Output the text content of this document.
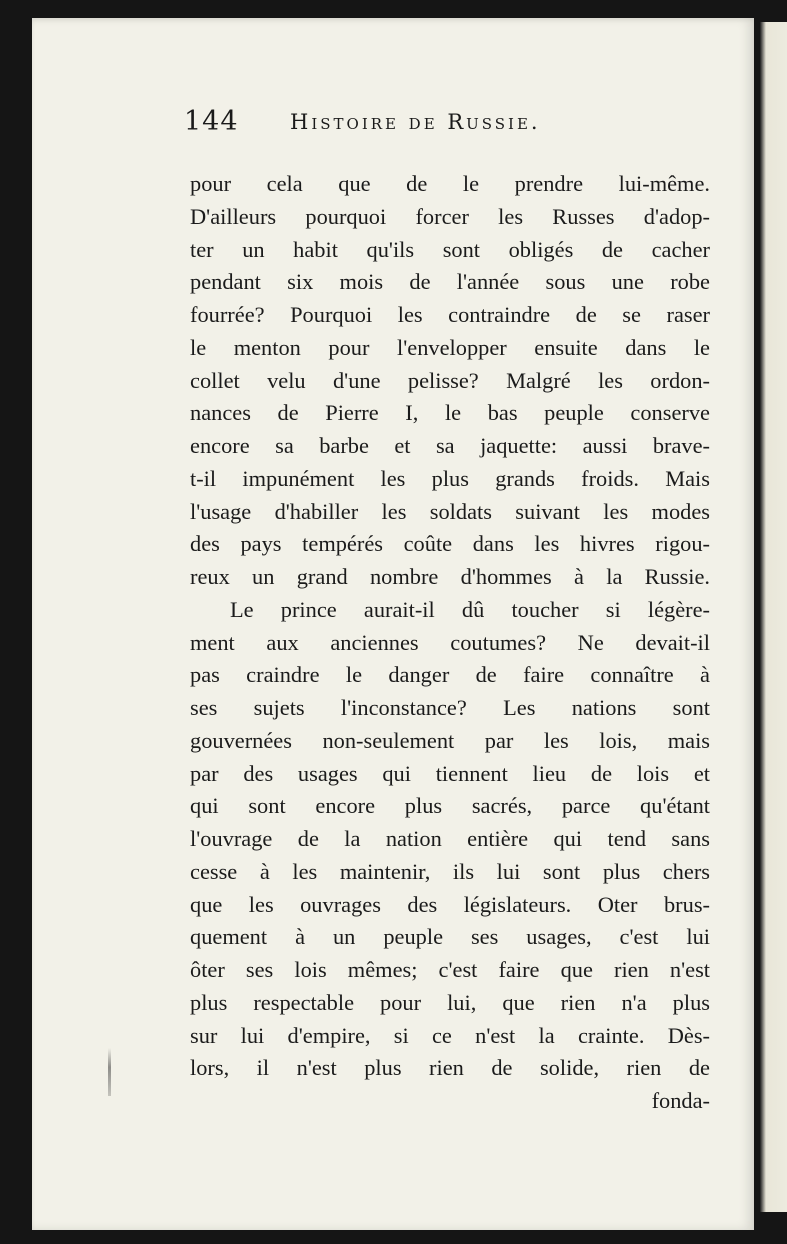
144 Histoire de Russie.
pour cela que de le prendre lui-même.
D'ailleurs pourquoi forcer les Russes d'adop-
ter un habit qu'ils sont obligés de cacher
pendant six mois de l'année sous une robe
fourrée? Pourquoi les contraindre de se raser
le menton pour l'envelopper ensuite dans le
collet velu d'une pelisse? Malgré les ordon-
nances de Pierre I, le bas peuple conserve
encore sa barbe et sa jaquette: aussi brave-
t-il impunément les plus grands froids. Mais
l'usage d'habiller les soldats suivant les modes
des pays tempérés coûte dans les hivres rigou-
reux un grand nombre d'hommes à la Russie.
Le prince aurait-il dû toucher si légère-
ment aux anciennes coutumes? Ne devait-il
pas craindre le danger de faire connaître à
ses sujets l'inconstance? Les nations sont
gouvernées non-seulement par les lois, mais
par des usages qui tiennent lieu de lois et
qui sont encore plus sacrés, parce qu'étant
l'ouvrage de la nation entière qui tend sans
cesse à les maintenir, ils lui sont plus chers
que les ouvrages des législateurs. Oter brus-
quement à un peuple ses usages, c'est lui
ôter ses lois mêmes; c'est faire que rien n'est
plus respectable pour lui, que rien n'a plus
sur lui d'empire, si ce n'est la crainte. Dès-
lors, il n'est plus rien de solide, rien de
fonda-
